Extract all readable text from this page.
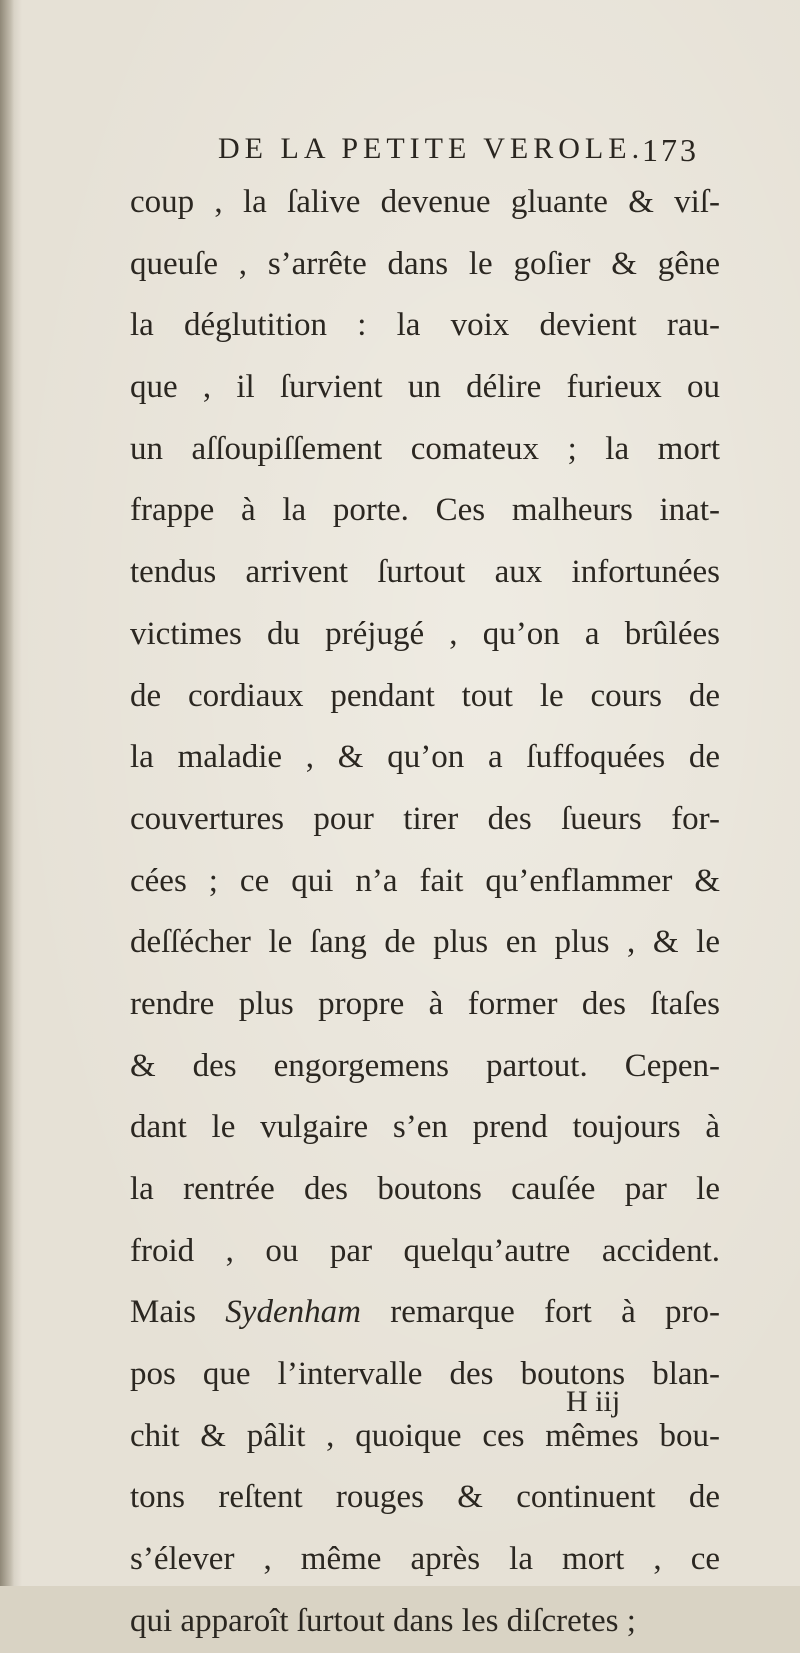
DE LA PETITE VEROLE.
173
coup , la ſalive devenue gluante & viſ-
queuſe , s’arrête dans le goſier & gêne
la déglutition : la voix devient rau-
que , il ſurvient un délire furieux ou
un aſſoupiſſement comateux ; la mort
frappe à la porte. Ces malheurs inat-
tendus arrivent ſurtout aux infortunées
victimes du préjugé , qu’on a brûlées
de cordiaux pendant tout le cours de
la maladie , & qu’on a ſuffoquées de
couvertures pour tirer des ſueurs for-
cées ; ce qui n’a fait qu’enflammer &
deſſécher le ſang de plus en plus , & le
rendre plus propre à former des ſtaſes
& des engorgemens partout. Cepen-
dant le vulgaire s’en prend toujours à
la rentrée des boutons cauſée par le
froid , ou par quelqu’autre accident.
Mais Sydenham remarque fort à pro-
pos que l’intervalle des boutons blan-
chit & pâlit , quoique ces mêmes bou-
tons reſtent rouges & continuent de
s’élever , même après la mort , ce
qui apparoît ſurtout dans les diſcretes ;
H iij
